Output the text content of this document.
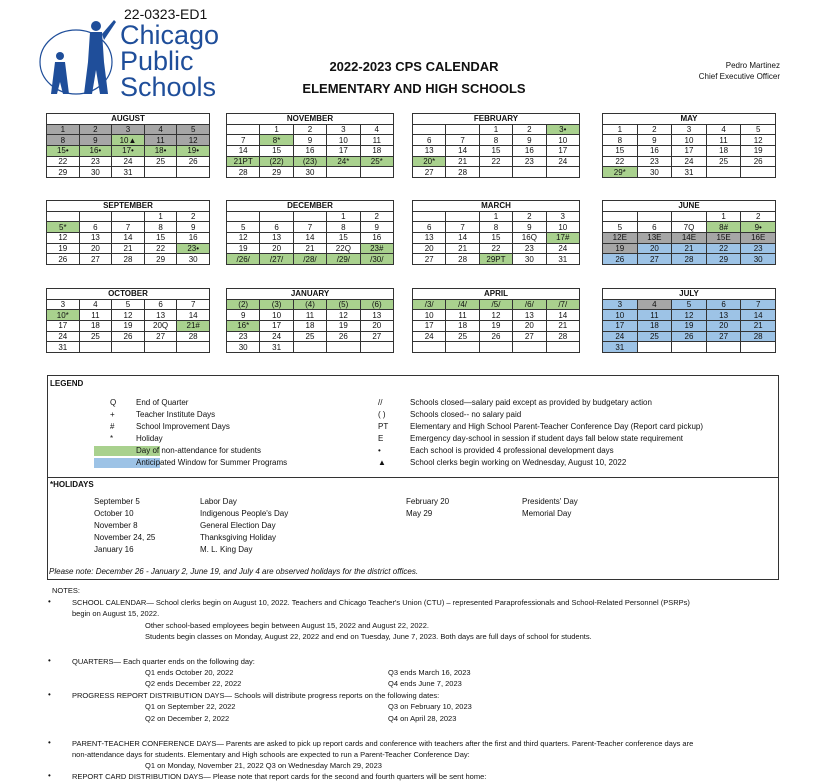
22-0323-ED1
Chicago
Public
Schools
2022-2023 CPS CALENDAR
ELEMENTARY AND HIGH SCHOOLS
Pedro Martinez
Chief Executive Officer
AUGUST				
1	2	3	4	5
8	9	10▲	11	12
15•	16•	17•	18•	19•
22	23	24	25	26
29	30	31		
NOVEMBER				
	1	2	3	4
7	8*	9	10	11
14	15	16	17	18
21PT	(22)	(23)	24*	25*
28	29	30		
FEBRUARY				
		1	2	3•
6	7	8	9	10
13	14	15	16	17
20*	21	22	23	24
27	28			
MAY				
1	2	3	4	5
8	9	10	11	12
15	16	17	18	19
22	23	24	25	26
29*	30	31		
SEPTEMBER				
			1	2
5*	6	7	8	9
12	13	14	15	16
19	20	21	22	23•
26	27	28	29	30
DECEMBER				
			1	2
5	6	7	8	9
12	13	14	15	16
19	20	21	22Q	23#
/26/	/27/	/28/	/29/	/30/
MARCH				
		1	2	3
6	7	8	9	10
13	14	15	16Q	17#
20	21	22	23	24
27	28	29PT	30	31
JUNE				
			1	2
5	6	7Q	8#	9•
12E	13E	14E	15E	16E
19	20	21	22	23
26	27	28	29	30
OCTOBER				
3	4	5	6	7
10*	11	12	13	14
17	18	19	20Q	21#
24	25	26	27	28
31				
JANUARY				
(2)	(3)	(4)	(5)	(6)
9	10	11	12	13
16*	17	18	19	20
23	24	25	26	27
30	31			
APRIL				
/3/	/4/	/5/	/6/	/7/
10	11	12	13	14
17	18	19	20	21
24	25	26	27	28

JULY				
3	4	5	6	7
10	11	12	13	14
17	18	19	20	21
24	25	26	27	28
31				
LEGEND
Q End of Quarter
+	Teacher Institute Days
#	School Improvement Days
*	Holiday
Day of non-attendance for students
Anticipated Window for Summer Programs
//	Schools closed—salary paid except as provided by budgetary action
( )	Schools closed-- no salary paid
PT	Elementary and High School Parent-Teacher Conference Day (Report card pickup)
E	Emergency day-school in session if student days fall below state requirement
•	Each school is provided 4 professional development days
▲	School clerks begin working on Wednesday, August 10, 2022
*HOLIDAYS
September 5	Labor Day
October 10	Indigenous People's Day
November 8	General Election Day
November 24, 25	Thanksgiving Holiday
January 16	M. L. King Day
February 20	Presidents' Day
May 29	Memorial Day
Please note: December 26 - January 2, June 19, and July 4 are observed holidays for the district offices.
NOTES:
•	SCHOOL CALENDAR— School clerks begin on August 10, 2022. Teachers and Chicago Teacher's Union (CTU) – represented Paraprofessionals and School-Related Personnel (PSRPs)
begin on August 15, 2022.
Other school-based employees begin between August 15, 2022 and August 22, 2022.
Students begin classes on Monday, August 22, 2022 and end on Tuesday, June 7, 2023. Both days are full days of school for students.
•	QUARTERS— Each quarter ends on the following day:
Q1 ends October 20, 2022	Q3 ends March 16, 2023
Q2 ends December 22, 2022	Q4 ends June 7, 2023
•	PROGRESS REPORT DISTRIBUTION DAYS— Schools will distribute progress reports on the following dates:
Q1 on September 22, 2022	Q3 on February 10, 2023
Q2 on December 2, 2022	Q4 on April 28, 2023
•	PARENT-TEACHER CONFERENCE DAYS— Parents are asked to pick up report cards and conference with teachers after the first and third quarters. Parent-Teacher conference days are
non-attendance days for students. Elementary and High schools are expected to run a Parent-Teacher Conference Day:
Q1 on Monday, November 21, 2022 Q3 on Wednesday March 29, 2023
•	REPORT CARD DISTRIBUTION DAYS— Please note that report cards for the second and fourth quarters will be sent home:
